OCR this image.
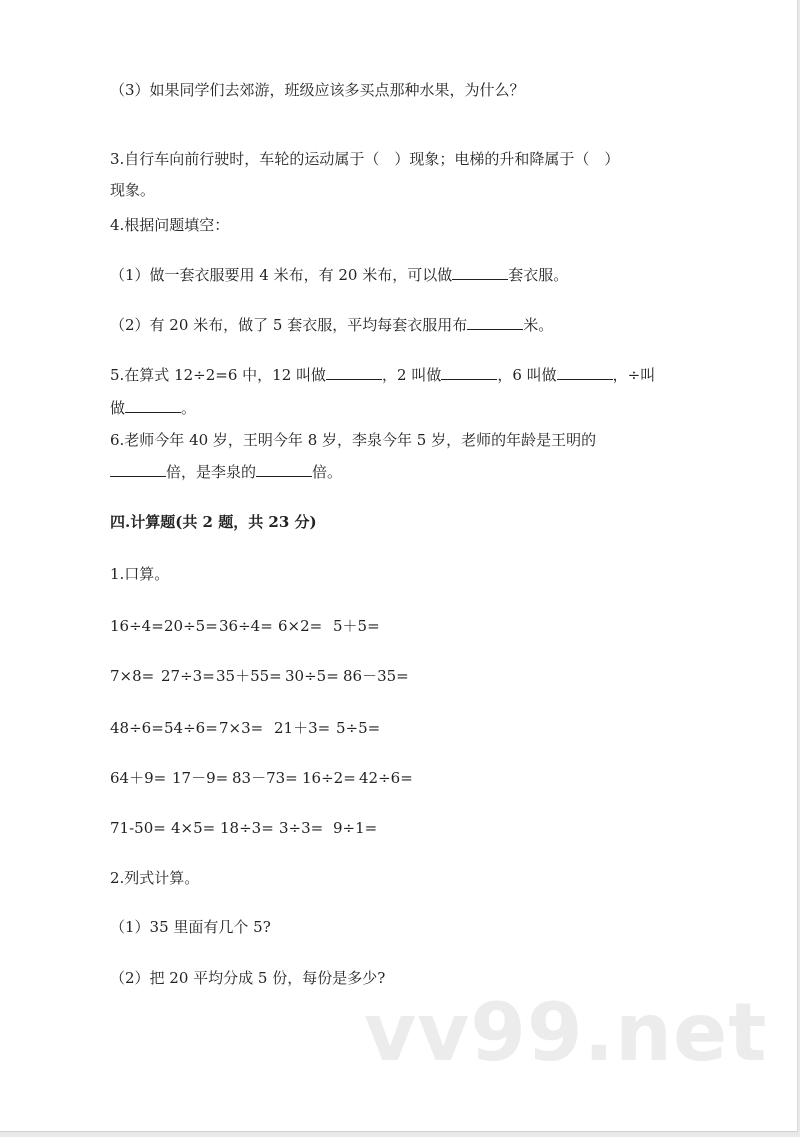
（3）如果同学们去郊游，班级应该多买点那种水果，为什么？
3.自行车向前行驶时，车轮的运动属于（　）现象；电梯的升和降属于（　）
现象。
4.根据问题填空：
（1）做一套衣服要用 4 米布，有 20 米布，可以做	套衣服。
（2）有 20 米布，做了 5 套衣服，平均每套衣服用布	米。
5.在算式 12÷2=6 中，12 叫做	，2 叫做	，6 叫做	，÷叫
做	。
6.老师今年 40 岁，王明今年 8 岁，李泉今年 5 岁，老师的年龄是王明的
倍，是李泉的	倍。
四.计算题(共 2 题，共 23 分)
1.口算。
16÷4= 20÷5= 36÷4= 6×2= 5＋5=
7×8= 27÷3= 35＋55= 30÷5= 86－35=
48÷6= 54÷6= 7×3= 21＋3= 5÷5=
64＋9= 17－9= 83－73= 16÷2= 42÷6=
71-50= 4×5= 18÷3= 3÷3= 9÷1=
2.列式计算。
（1）35 里面有几个 5?
（2）把 20 平均分成 5 份，每份是多少?
vv99.net
